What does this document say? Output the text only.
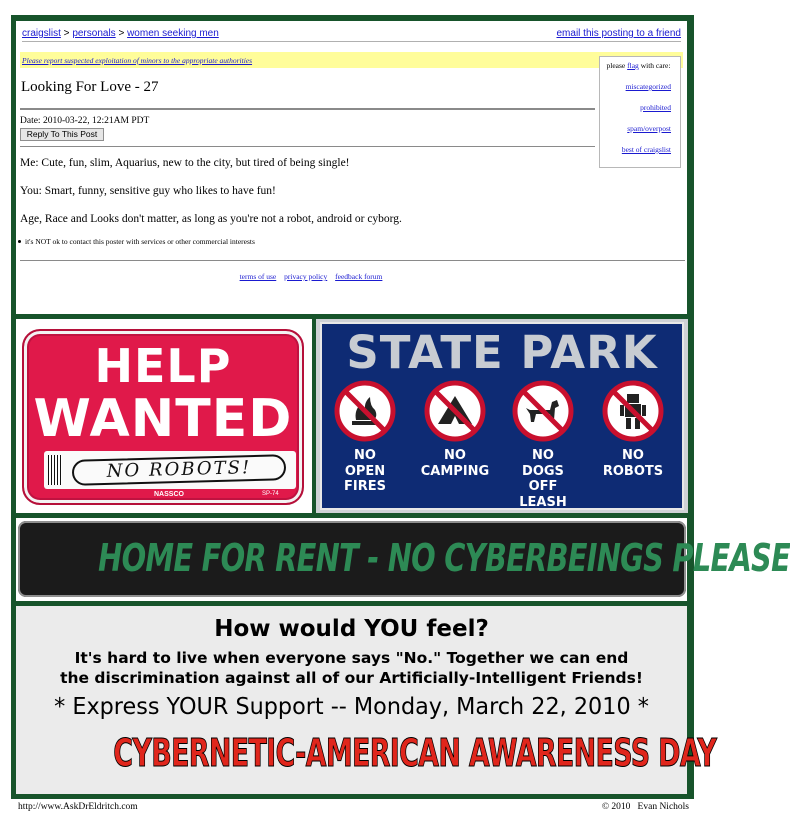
craigslist > personals > women seeking men	email this posting to a friend
Please report suspected exploitation of minors to the appropriate authorities
Looking For Love - 27
Date: 2010-03-22, 12:21AM PDT
Reply To This Post
Me: Cute, fun, slim, Aquarius, new to the city, but tired of being single!
You: Smart, funny, sensitive guy who likes to have fun!
Age, Race and Looks don't matter, as long as you're not a robot, android or cyborg.
it's NOT ok to contact this poster with services or other commercial interests
terms of use privacy policy feedback forum
please flag with care:
miscategorized
prohibited
spam/overpost
best of craigslist
HELP
WANTED
NO ROBOTS!
NASSCO	SP-74
STATE PARK
NO
OPEN
FIRES
NO
CAMPING
NO
DOGS
OFF
LEASH
NO
ROBOTS
HOME FOR RENT - NO CYBERBEINGS PLEASE
How would YOU feel?
It's hard to live when everyone says "No." Together we can end
the discrimination against all of our Artificially-Intelligent Friends!
* Express YOUR Support -- Monday, March 22, 2010 *
CYBERNETIC-AMERICAN AWARENESS DAY
http://www.AskDrEldritch.com	© 2010   Evan Nichols
